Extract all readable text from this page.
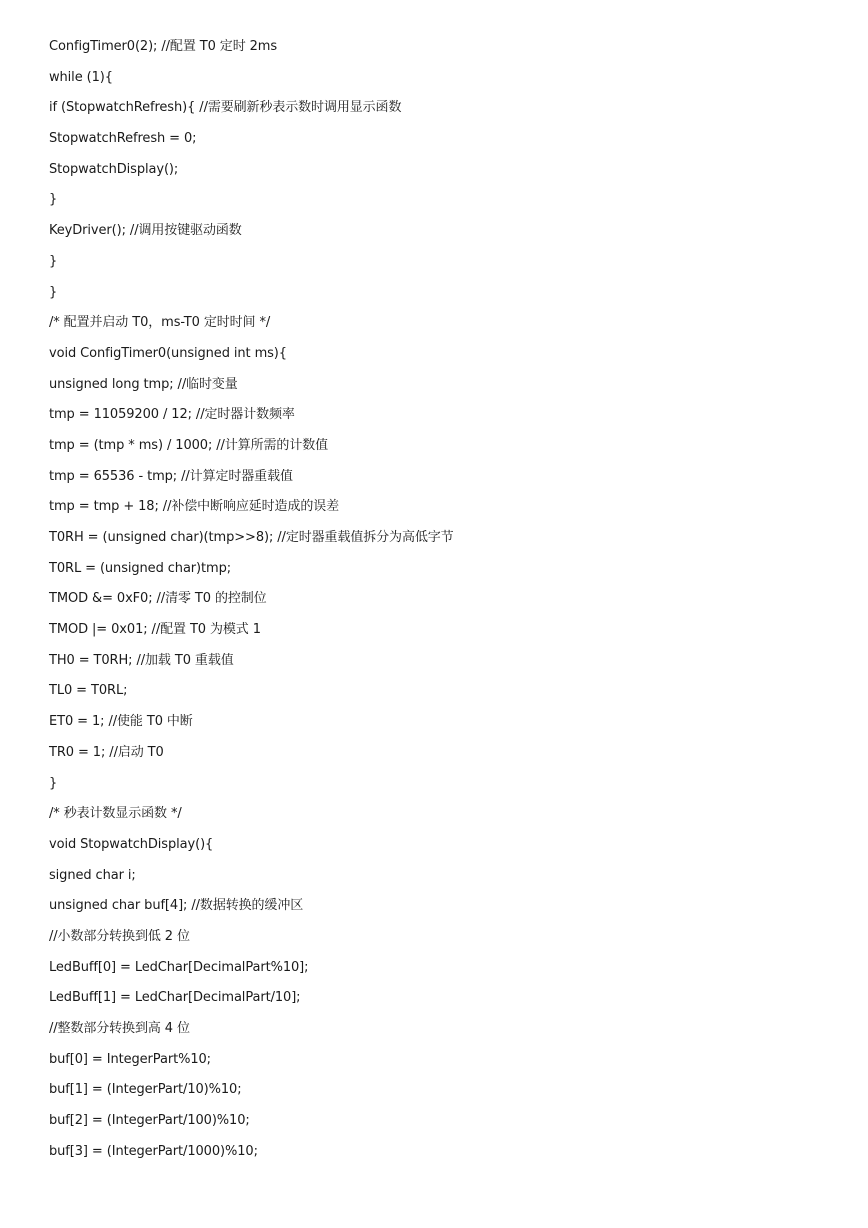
ConfigTimer0(2); //配置 T0 定时 2ms
while (1){
if (StopwatchRefresh){ //需要刷新秒表示数时调用显示函数
StopwatchRefresh = 0;
StopwatchDisplay();
}
KeyDriver(); //调用按键驱动函数
}
}
/* 配置并启动 T0，ms-T0 定时时间 */
void ConfigTimer0(unsigned int ms){
unsigned long tmp; //临时变量
tmp = 11059200 / 12; //定时器计数频率
tmp = (tmp * ms) / 1000; //计算所需的计数值
tmp = 65536 - tmp; //计算定时器重载值
tmp = tmp + 18; //补偿中断响应延时造成的误差
T0RH = (unsigned char)(tmp>>8); //定时器重载值拆分为高低字节
T0RL = (unsigned char)tmp;
TMOD &= 0xF0; //清零 T0 的控制位
TMOD |= 0x01; //配置 T0 为模式 1
TH0 = T0RH; //加载 T0 重载值
TL0 = T0RL;
ET0 = 1; //使能 T0 中断
TR0 = 1; //启动 T0
}
/* 秒表计数显示函数 */
void StopwatchDisplay(){
signed char i;
unsigned char buf[4]; //数据转换的缓冲区
//小数部分转换到低 2 位
LedBuff[0] = LedChar[DecimalPart%10];
LedBuff[1] = LedChar[DecimalPart/10];
//整数部分转换到高 4 位
buf[0] = IntegerPart%10;
buf[1] = (IntegerPart/10)%10;
buf[2] = (IntegerPart/100)%10;
buf[3] = (IntegerPart/1000)%10;
